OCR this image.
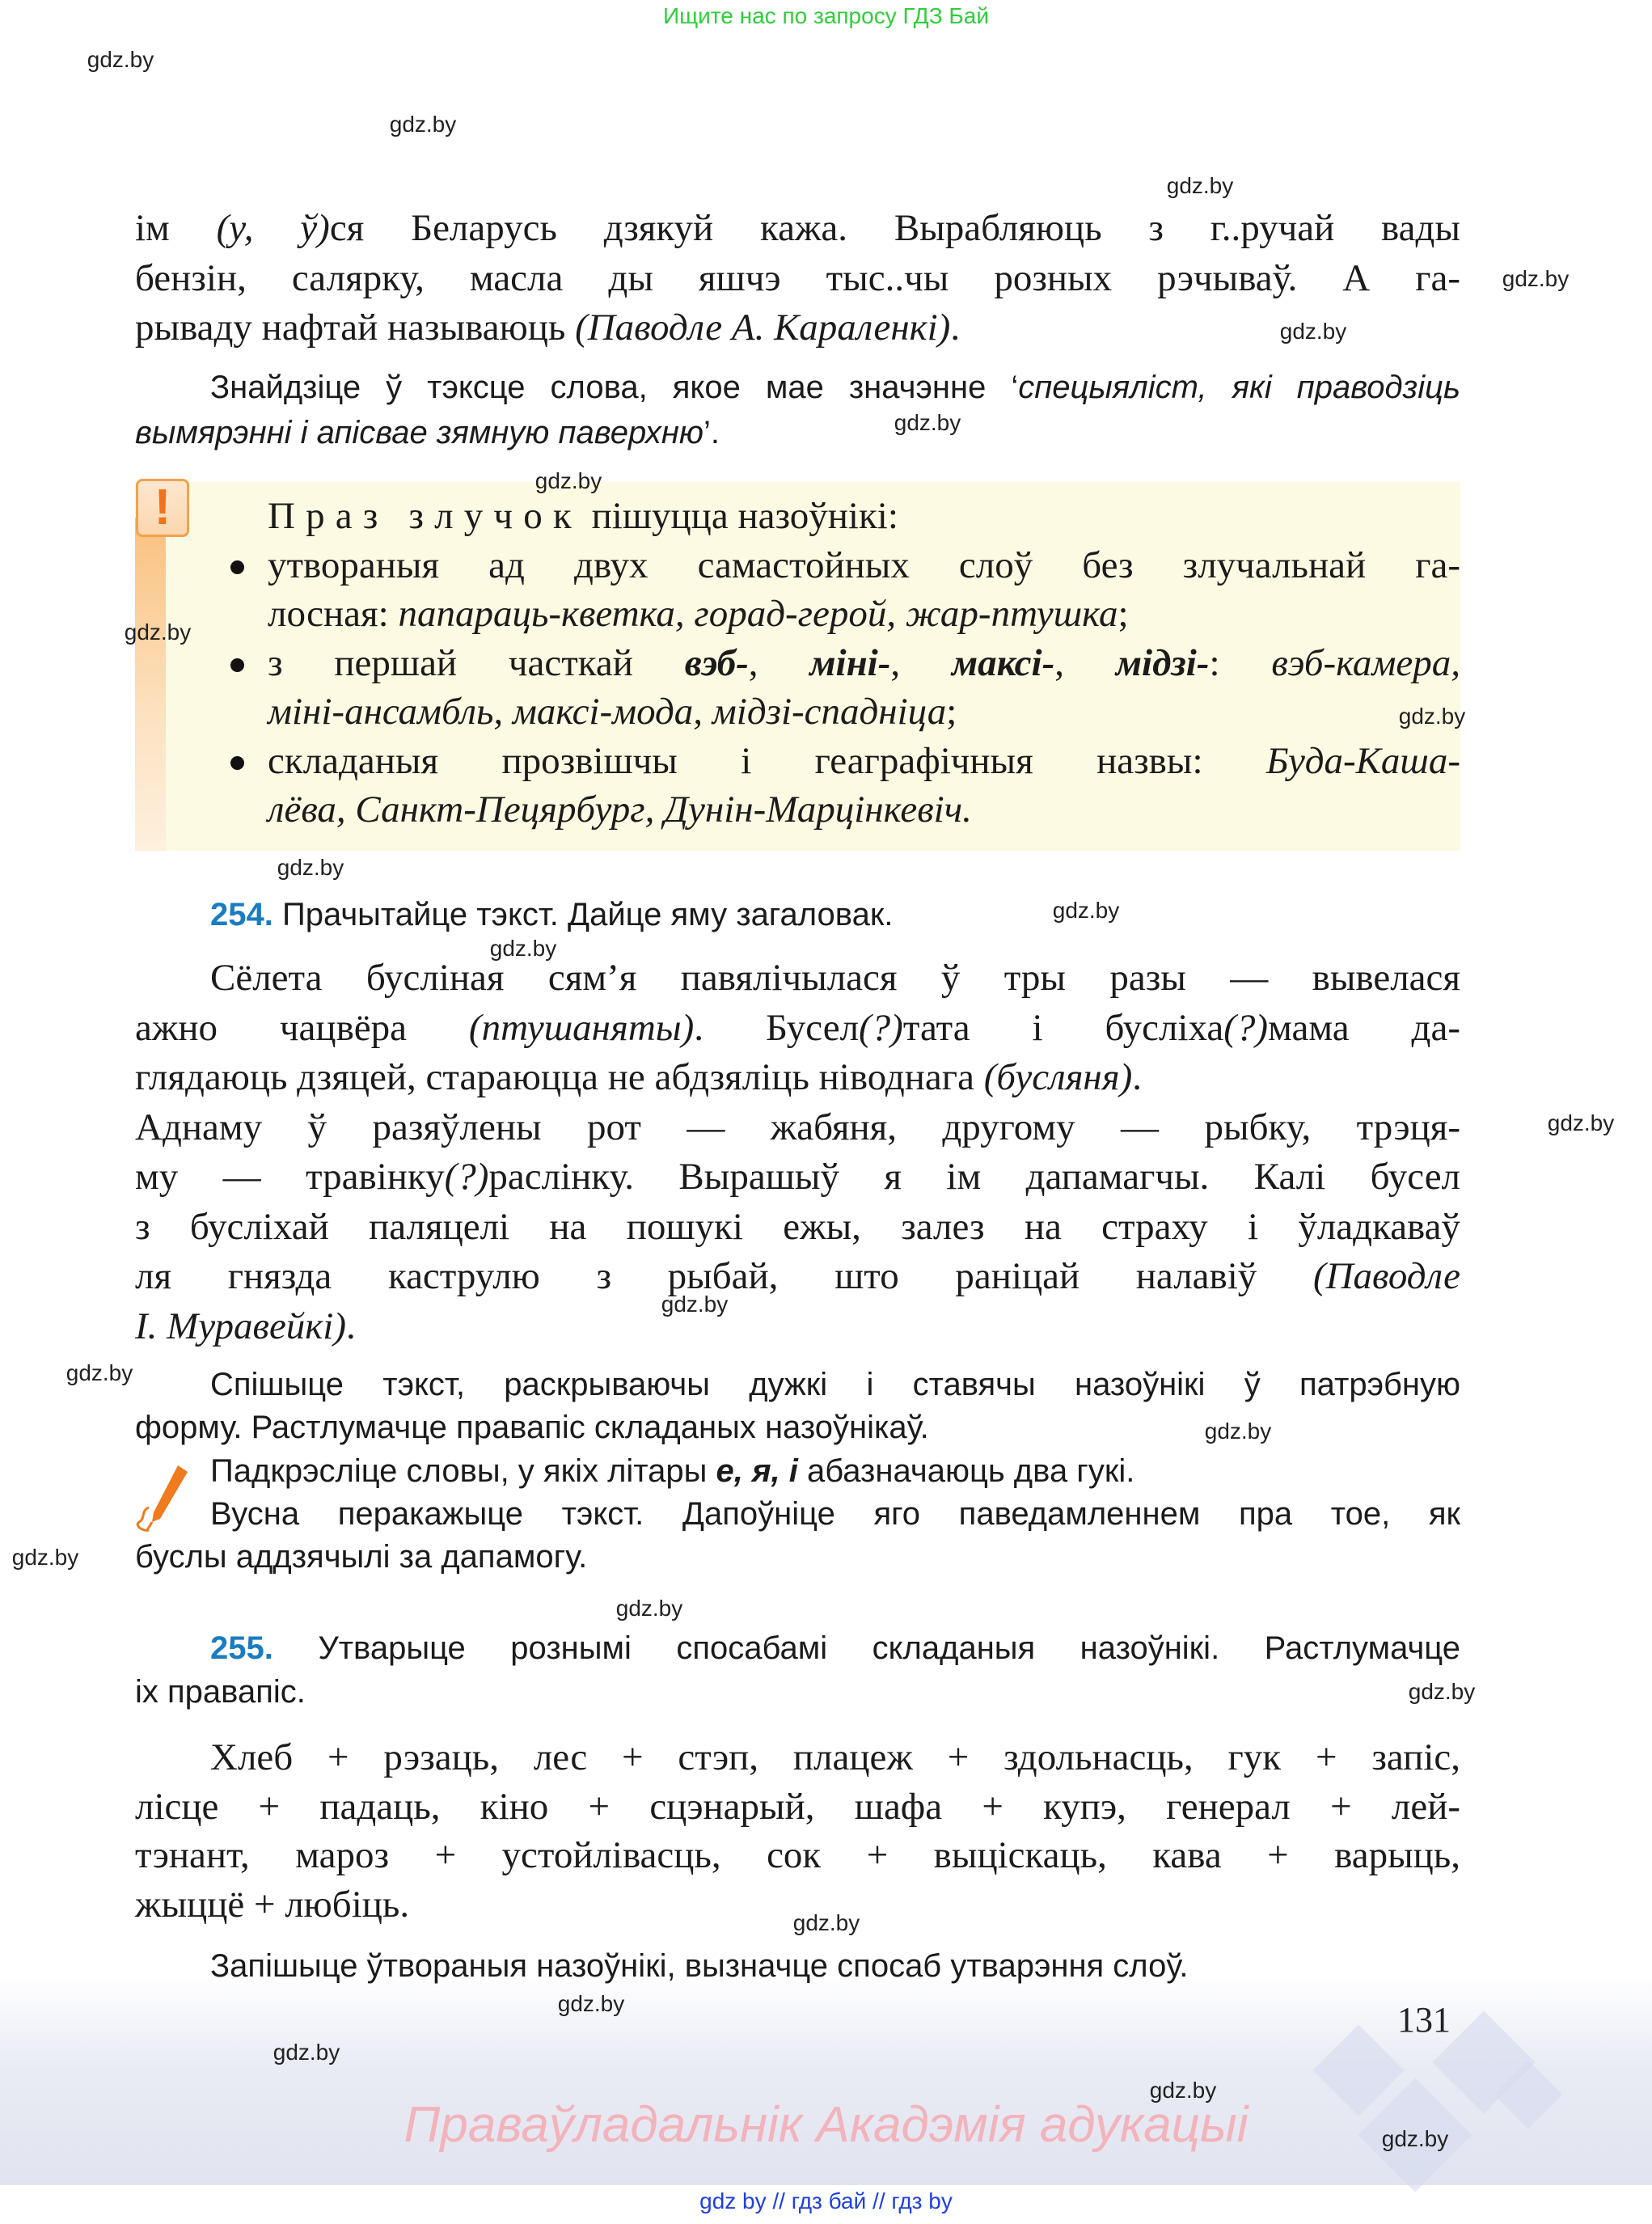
Ищите нас по запросу ГДЗ Бай
!
ім (у, ў)ся Беларусь дзякуй кажа. Вырабляюць з г..ручай вады
бензін, салярку, масла ды яшчэ тыс..чы розных рэчываў. А га-
рываду нафтай называюць (Паводле А. Караленкі).
Знайдзіце ў тэксце слова, якое мае значэнне ‘спецыяліст, які праводзіць
вымярэнні і апісвае зямную паверхню’.
Праз злучок пішуцца назоўнікі:
утвораныя ад двух самастойных слоў без злучальнай га-
лосная: папараць-кветка, горад-герой, жар-птушка;
з першай часткай вэб-, міні-, максі-, мідзі-: вэб-камера,
міні-ансамбль, максі-мода, мідзі-спадніца;
складаныя прозвішчы і геаграфічныя назвы: Буда-Каша-
лёва, Санкт-Пецярбург, Дунін-Марцінкевіч.
254. Прачытайце тэкст. Дайце яму загаловак.
Сёлета буслiная сям’я павялічылася ў тры разы — вывелася
ажно чацвёра (птушаняты). Бусел(?)тата і бусліха(?)мама да-
глядаюць дзяцей, стараюцца не абдзяліць ніводнага (бусляня).
Аднаму ў разяўлены рот — жабяня, другому — рыбку, трэця-
му — травінку(?)раслінку. Вырашыў я ім дапамагчы. Калі бусел
з бусліхай паляцелі на пошукі ежы, залез на страху і ўладкаваў
ля гнязда каструлю з рыбай, што раніцай налавіў (Паводле
І. Муравейкі).
Спішыце тэкст, раскрываючы дужкі і ставячы назоўнікі ў патрэбную
форму. Растлумачце правапіс складаных назоўнікаў.
Падкрэсліце словы, у якіх літары е, я, і абазначаюць два гукі.
Вусна перакажыце тэкст. Дапоўніце яго паведамленнем пра тое, як
буслы аддзячылі за дапамогу.
255. Утварыце рознымі спосабамі складаныя назоўнікі. Растлумачце
іх правапіс.
Хлеб + рэзаць, лес + стэп, плацеж + здольнасць, гук + запіс,
лісце + падаць, кіно + сцэнарый, шафа + купэ, генерал + лей-
тэнант, мароз + устойлівасць, сок + выціскаць, кава + варыць,
жыццё + любіць.
Запішыце ўтвораныя назоўнікі, вызначце спосаб утварэння слоў.
131
Праваўладальнік Акадэмія адукацыі
gdz by // гдз бай // гдз by
gdz.by
gdz.by
gdz.by
gdz.by
gdz.by
gdz.by
gdz.by
gdz.by
gdz.by
gdz.by
gdz.by
gdz.by
gdz.by
gdz.by
gdz.by
gdz.by
gdz.by
gdz.by
gdz.by
gdz.by
gdz.by
gdz.by
gdz.by
gdz.by
